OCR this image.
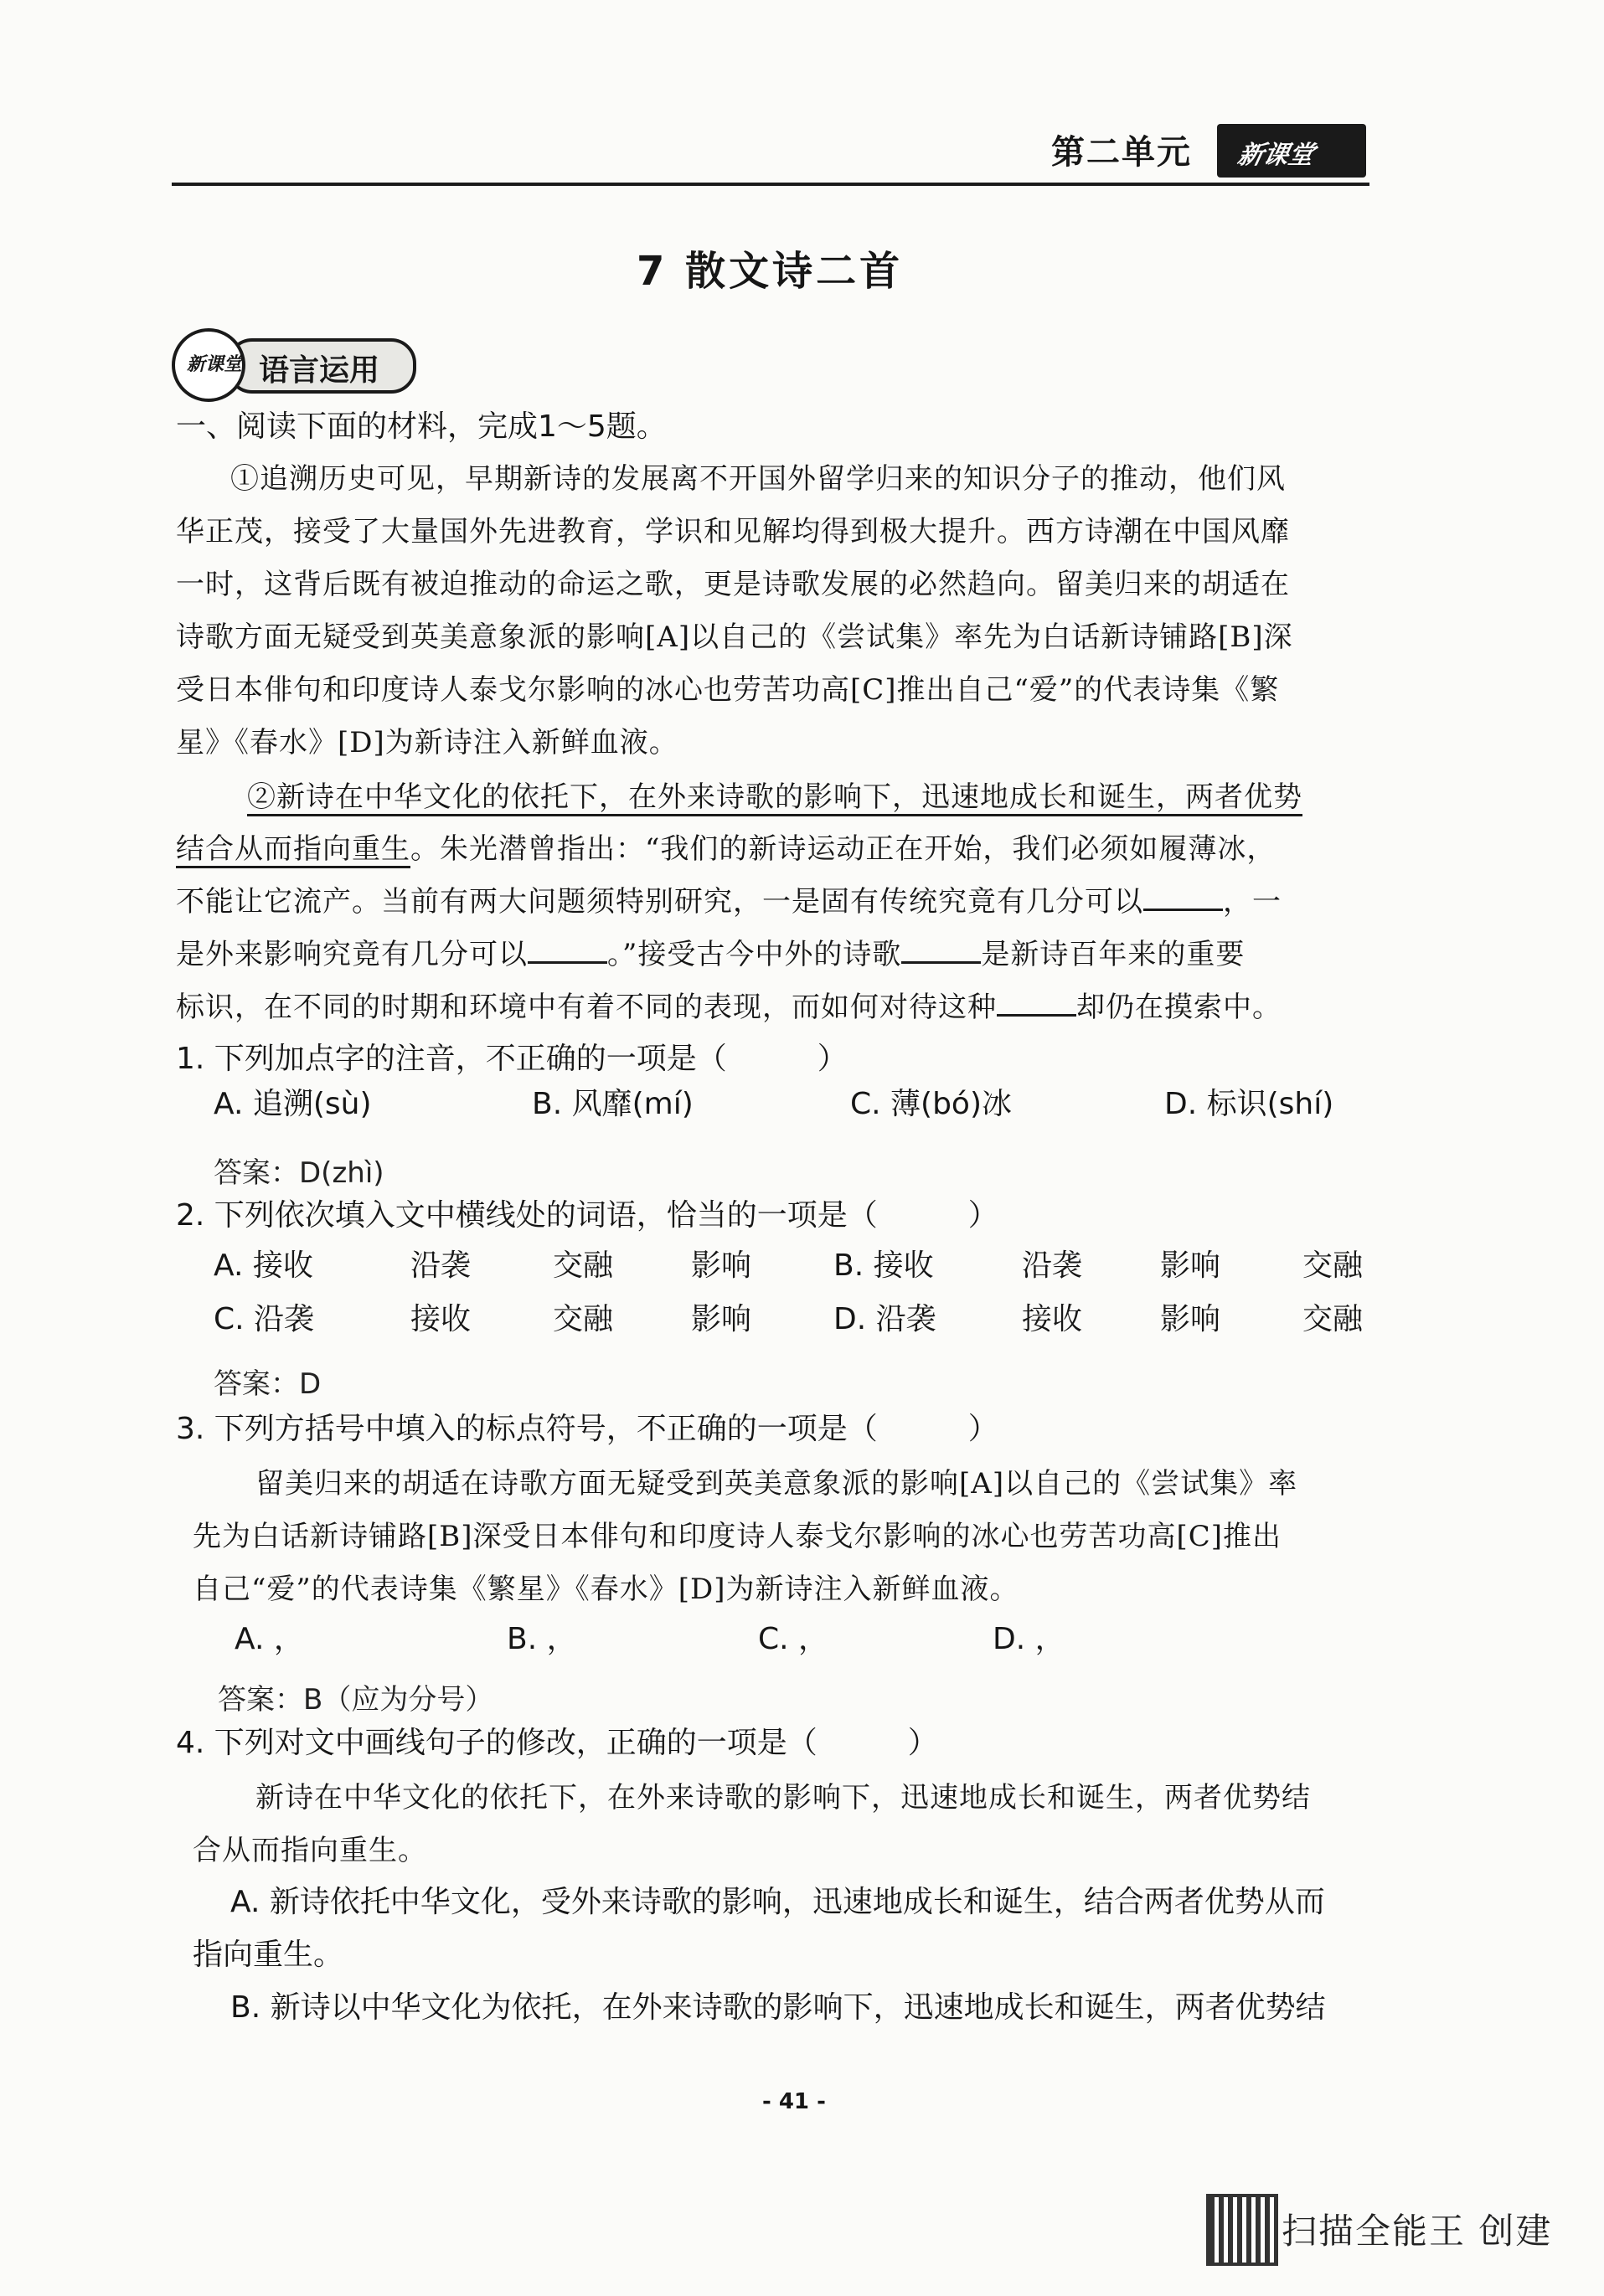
第二单元 新课堂
7 散文诗二首
语言运用
新课堂
一、阅读下面的材料，完成1～5题。
①追溯历史可见，早期新诗的发展离不开国外留学归来的知识分子的推动，他们风
华正茂，接受了大量国外先进教育，学识和见解均得到极大提升。西方诗潮在中国风靡
一时，这背后既有被迫推动的命运之歌，更是诗歌发展的必然趋向。留美归来的胡适在
诗歌方面无疑受到英美意象派的影响[A]以自己的《尝试集》率先为白话新诗铺路[B]深
受日本俳句和印度诗人泰戈尔影响的冰心也劳苦功高[C]推出自己“爱”的代表诗集《繁
星》《春水》[D]为新诗注入新鲜血液。
②新诗在中华文化的依托下，在外来诗歌的影响下，迅速地成长和诞生，两者优势
结合从而指向重生。朱光潜曾指出：“我们的新诗运动正在开始，我们必须如履薄冰，
不能让它流产。当前有两大问题须特别研究，一是固有传统究竟有几分可以	，一
是外来影响究竟有几分可以	。”接受古今中外的诗歌	是新诗百年来的重要
标识，在不同的时期和环境中有着不同的表现，而如何对待这种	却仍在摸索中。
1. 下列加点字的注音，不正确的一项是（　　　）
A. 追溯(sù)	B. 风靡(mí)	C. 薄(bó)冰	D. 标识(shí)
答案：D(zhì)
2. 下列依次填入文中横线处的词语，恰当的一项是（　　　）
A. 接收	沿袭	交融	影响	B. 接收	沿袭	影响	交融
C. 沿袭	接收	交融	影响	D. 沿袭	接收	影响	交融
答案：D
3. 下列方括号中填入的标点符号，不正确的一项是（　　　）
留美归来的胡适在诗歌方面无疑受到英美意象派的影响[A]以自己的《尝试集》率
先为白话新诗铺路[B]深受日本俳句和印度诗人泰戈尔影响的冰心也劳苦功高[C]推出
自己“爱”的代表诗集《繁星》《春水》[D]为新诗注入新鲜血液。
A. ，	B. ，	C. ，	D. ，
答案：B（应为分号）
4. 下列对文中画线句子的修改，正确的一项是（　　　）
新诗在中华文化的依托下，在外来诗歌的影响下，迅速地成长和诞生，两者优势结
合从而指向重生。
A. 新诗依托中华文化，受外来诗歌的影响，迅速地成长和诞生，结合两者优势从而
指向重生。
B. 新诗以中华文化为依托，在外来诗歌的影响下，迅速地成长和诞生，两者优势结
- 41 -
扫描全能王 创建
